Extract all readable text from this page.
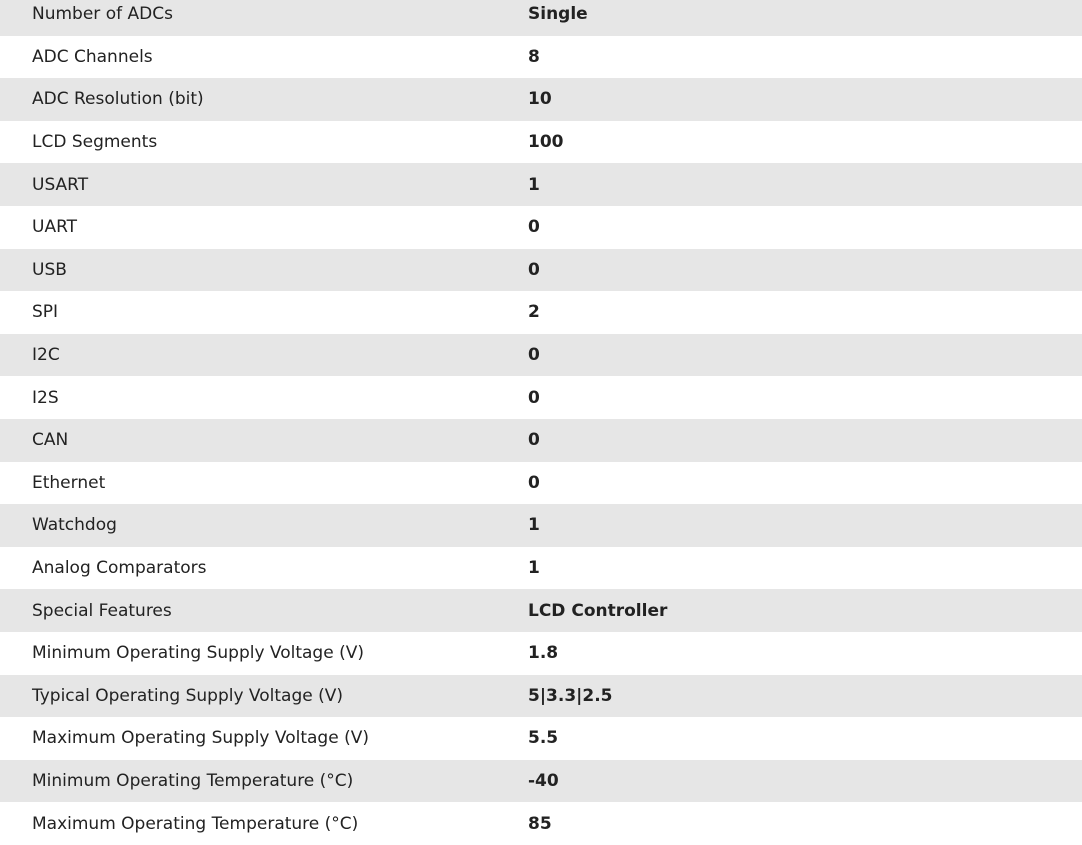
Number of ADCs	Single
ADC Channels	8
ADC Resolution (bit)	10
LCD Segments	100
USART	1
UART	0
USB	0
SPI	2
I2C	0
I2S	0
CAN	0
Ethernet	0
Watchdog	1
Analog Comparators	1
Special Features	LCD Controller
Minimum Operating Supply Voltage (V)	1.8
Typical Operating Supply Voltage (V)	5|3.3|2.5
Maximum Operating Supply Voltage (V)	5.5
Minimum Operating Temperature (°C)	-40
Maximum Operating Temperature (°C)	85
